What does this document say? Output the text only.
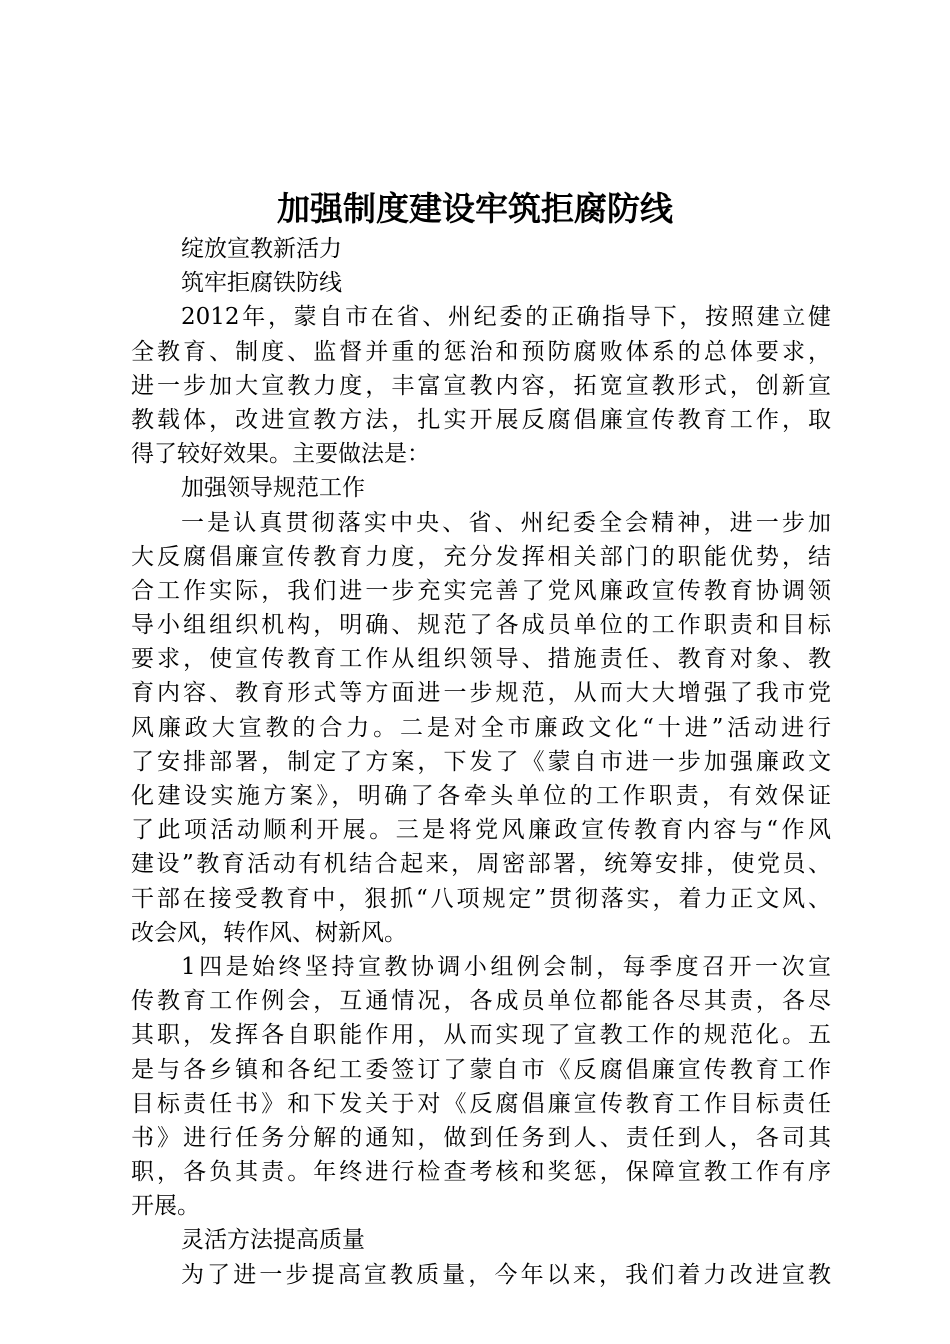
加强制度建设牢筑拒腐防线
绽放宣教新活力
筑牢拒腐铁防线
2012年，蒙自市在省、州纪委的正确指导下，按照建立健
全教育、制度、监督并重的惩治和预防腐败体系的总体要求，
进一步加大宣教力度，丰富宣教内容，拓宽宣教形式，创新宣
教载体，改进宣教方法，扎实开展反腐倡廉宣传教育工作，取
得了较好效果。主要做法是：
加强领导规范工作
一是认真贯彻落实中央、省、州纪委全会精神，进一步加
大反腐倡廉宣传教育力度，充分发挥相关部门的职能优势，结
合工作实际，我们进一步充实完善了党风廉政宣传教育协调领
导小组组织机构，明确、规范了各成员单位的工作职责和目标
要求，使宣传教育工作从组织领导、措施责任、教育对象、教
育内容、教育形式等方面进一步规范，从而大大增强了我市党
风廉政大宣教的合力。二是对全市廉政文化“十进”活动进行
了安排部署，制定了方案，下发了《蒙自市进一步加强廉政文
化建设实施方案》，明确了各牵头单位的工作职责，有效保证
了此项活动顺利开展。三是将党风廉政宣传教育内容与“作风
建设”教育活动有机结合起来，周密部署，统筹安排，使党员、
干部在接受教育中，狠抓“八项规定”贯彻落实，着力正文风、
改会风，转作风、树新风。
1四是始终坚持宣教协调小组例会制，每季度召开一次宣
传教育工作例会，互通情况，各成员单位都能各尽其责，各尽
其职，发挥各自职能作用，从而实现了宣教工作的规范化。五
是与各乡镇和各纪工委签订了蒙自市《反腐倡廉宣传教育工作
目标责任书》和下发关于对《反腐倡廉宣传教育工作目标责任
书》进行任务分解的通知，做到任务到人、责任到人，各司其
职，各负其责。年终进行检查考核和奖惩，保障宣教工作有序
开展。
灵活方法提高质量
为了进一步提高宣教质量，今年以来，我们着力改进宣教
